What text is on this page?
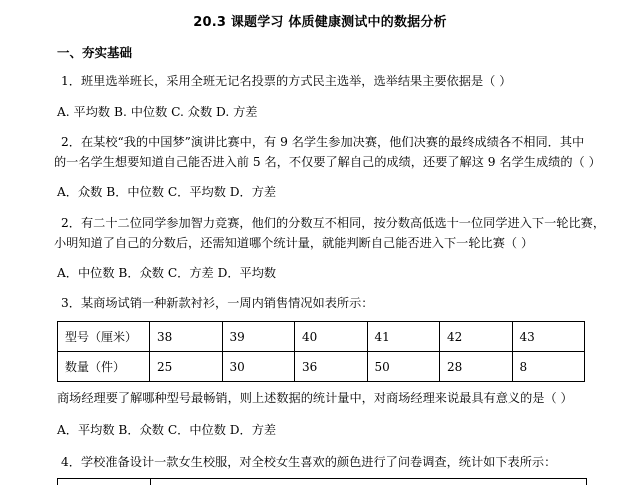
20.3 课题学习 体质健康测试中的数据分析
一、夯实基础
1．班里选举班长，采用全班无记名投票的方式民主选举，选举结果主要依据是（ ）
A. 平均数 B. 中位数 C. 众数 D. 方差
2．在某校“我的中国梦”演讲比赛中，有 9 名学生参加决赛，他们决赛的最终成绩各不相同．其中
的一名学生想要知道自己能否进入前 5 名，不仅要了解自己的成绩，还要了解这 9 名学生成绩的（ ）
A．众数 B．中位数 C．平均数 D．方差
2．有二十二位同学参加智力竞赛，他们的分数互不相同，按分数高低选十一位同学进入下一轮比赛，
小明知道了自己的分数后，还需知道哪个统计量，就能判断自己能否进入下一轮比赛（ ）
A．中位数 B．众数 C．方差 D．平均数
3．某商场试销一种新款衬衫，一周内销售情况如表所示：
型号（厘米）	38	39	40	41	42	43
数量（件）	25	30	36	50	28	8
商场经理要了解哪种型号最畅销，则上述数据的统计量中，对商场经理来说最具有意义的是（ ）
A．平均数 B．众数 C．中位数 D．方差
4．学校准备设计一款女生校服，对全校女生喜欢的颜色进行了问卷调查，统计如下表所示：
